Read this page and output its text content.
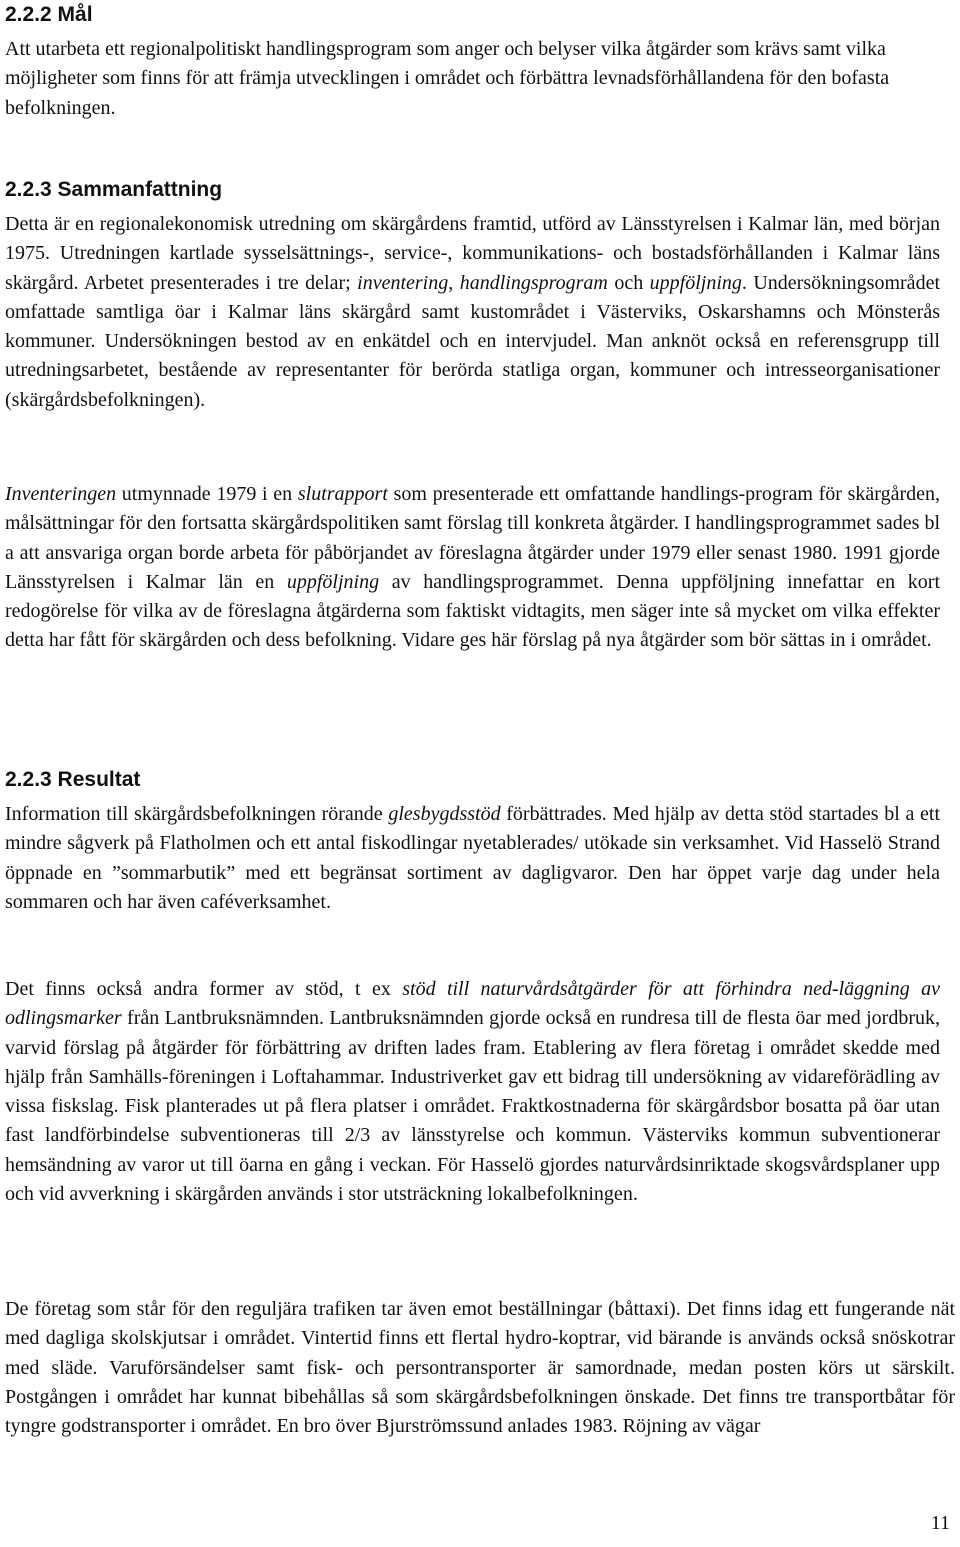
2.2.2 Mål

Att utarbeta ett regionalpolitiskt handlingsprogram som anger och belyser vilka åtgärder som krävs samt vilka möjligheter som finns för att främja utvecklingen i området och förbättra levnadsförhållandena för den bofasta befolkningen.

2.2.3 Sammanfattning

Detta är en regionalekonomisk utredning om skärgårdens framtid, utförd av Länsstyrelsen i Kalmar län, med början 1975. Utredningen kartlade sysselsättnings-, service-, kommunikations- och bostadsförhållanden i Kalmar läns skärgård. Arbetet presenterades i tre delar; inventering, handlingsprogram och uppföljning. Undersökningsområdet omfattade samtliga öar i Kalmar läns skärgård samt kustområdet i Västerviks, Oskarshamns och Mönsterås kommuner. Undersökningen bestod av en enkätdel och en intervjudel. Man anknöt också en referensgrupp till utredningsarbetet, bestående av representanter för berörda statliga organ, kommuner och intresseorganisationer (skärgårdsbefolkningen).

Inventeringen utmynnade 1979 i en slutrapport som presenterade ett omfattande handlings-program för skärgården, målsättningar för den fortsatta skärgårdspolitiken samt förslag till konkreta åtgärder. I handlingsprogrammet sades bl a att ansvariga organ borde arbeta för påbörjandet av föreslagna åtgärder under 1979 eller senast 1980. 1991 gjorde Länsstyrelsen i Kalmar län en uppföljning av handlingsprogrammet. Denna uppföljning innefattar en kort redogörelse för vilka av de föreslagna åtgärderna som faktiskt vidtagits, men säger inte så mycket om vilka effekter detta har fått för skärgården och dess befolkning. Vidare ges här förslag på nya åtgärder som bör sättas in i området.

2.2.3 Resultat

Information till skärgårdsbefolkningen rörande glesbygdsstöd förbättrades. Med hjälp av detta stöd startades bl a ett mindre sågverk på Flatholmen och ett antal fiskodlingar nyetablerades/ utökade sin verksamhet. Vid Hasselö Strand öppnade en ”sommarbutik” med ett begränsat sortiment av dagligvaror. Den har öppet varje dag under hela sommaren och har även caféverksamhet.

Det finns också andra former av stöd, t ex stöd till naturvårdsåtgärder för att förhindra ned-läggning av odlingsmarker från Lantbruksnämnden. Lantbruksnämnden gjorde också en rundresa till de flesta öar med jordbruk, varvid förslag på åtgärder för förbättring av driften lades fram. Etablering av flera företag i området skedde med hjälp från Samhälls-föreningen i Loftahammar. Industriverket gav ett bidrag till undersökning av vidareförädling av vissa fiskslag. Fisk planterades ut på flera platser i området. Fraktkostnaderna för skärgårdsbor bosatta på öar utan fast landförbindelse subventioneras till 2/3 av länsstyrelse och kommun. Västerviks kommun subventionerar hemsändning av varor ut till öarna en gång i veckan. För Hasselö gjordes naturvårdsinriktade skogsvårdsplaner upp och vid avverkning i skärgården används i stor utsträckning lokalbefolkningen.

De företag som står för den reguljära trafiken tar även emot beställningar (båttaxi). Det finns idag ett fungerande nät med dagliga skolskjutsar i området. Vintertid finns ett flertal hydro-koptrar, vid bärande is används också snöskotrar med släde. Varuförsändelser samt fisk- och persontransporter är samordnade, medan posten körs ut särskilt. Postgången i området har kunnat bibehållas så som skärgårdsbefolkningen önskade. Det finns tre transportbåtar för tyngre godstransporter i området. En bro över Bjurströmssund anlades 1983. Röjning av vägar

11
